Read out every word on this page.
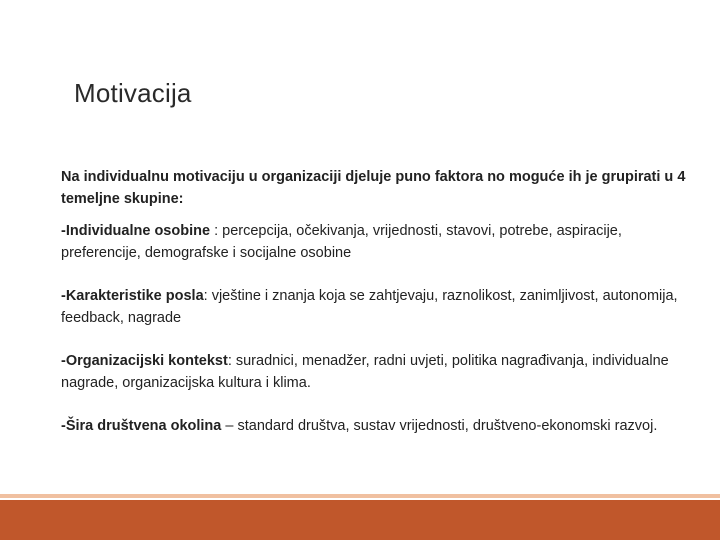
Motivacija

Na individualnu motivaciju u organizaciji djeluje puno faktora no moguće ih je grupirati u 4 temeljne skupine:

-Individualne osobine : percepcija, očekivanja, vrijednosti, stavovi, potrebe, aspiracije, preferencije, demografske i socijalne osobine

-Karakteristike posla: vještine i znanja koja se zahtjevaju, raznolikost, zanimljivost, autonomija, feedback, nagrade

-Organizacijski kontekst: suradnici, menadžer, radni uvjeti, politika nagrađivanja, individualne nagrade, organizacijska kultura i klima.

-Šira društvena okolina – standard društva, sustav vrijednosti, društveno-ekonomski razvoj.
